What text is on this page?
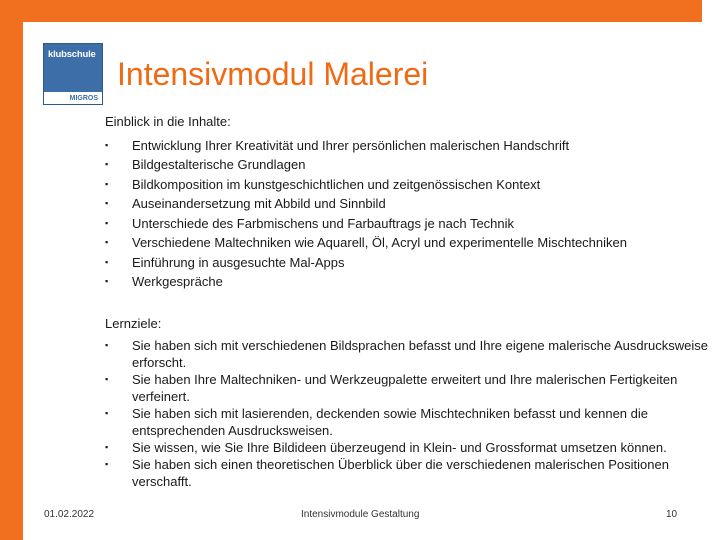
klubschule
MIGROS
Intensivmodul Malerei

Einblick in die Inhalte:

▪ Entwicklung Ihrer Kreativität und Ihrer persönlichen malerischen Handschrift
▪ Bildgestalterische Grundlagen
▪ Bildkomposition im kunstgeschichtlichen und zeitgenössischen Kontext
▪ Auseinandersetzung mit Abbild und Sinnbild
▪ Unterschiede des Farbmischens und Farbauftrags je nach Technik
▪ Verschiedene Maltechniken wie Aquarell, Öl, Acryl und experimentelle Mischtechniken
▪ Einführung in ausgesuchte Mal-Apps
▪ Werkgespräche

Lernziele:

▪ Sie haben sich mit verschiedenen Bildsprachen befasst und Ihre eigene malerische Ausdrucksweise erforscht.
▪ Sie haben Ihre Maltechniken- und Werkzeugpalette erweitert und Ihre malerischen Fertigkeiten verfeinert.
▪ Sie haben sich mit lasierenden, deckenden sowie Mischtechniken befasst und kennen die entsprechenden Ausdrucksweisen.
▪ Sie wissen, wie Sie Ihre Bildideen überzeugend in Klein- und Grossformat umsetzen können.
▪ Sie haben sich einen theoretischen Überblick über die verschiedenen malerischen Positionen verschafft.
01.02.2022	Intensivmodule Gestaltung	10
